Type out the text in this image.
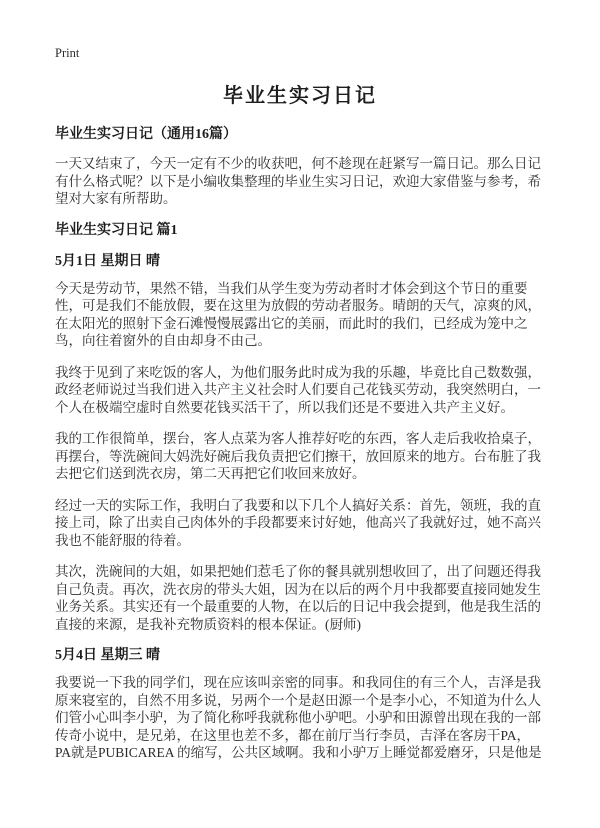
Print
毕业生实习日记
毕业生实习日记（通用16篇）

一天又结束了，今天一定有不少的收获吧，何不趁现在赶紧写一篇日记。那么日记有什么格式呢？以下是小编收集整理的毕业生实习日记，欢迎大家借鉴与参考，希望对大家有所帮助。

毕业生实习日记 篇1
5月1日 星期日 晴

今天是劳动节，果然不错，当我们从学生变为劳动者时才体会到这个节日的重要性，可是我们不能放假，要在这里为放假的劳动者服务。晴朗的天气，凉爽的风，在太阳光的照射下金石滩慢慢展露出它的美丽，而此时的我们，已经成为笼中之鸟，向往着窗外的自由却身不由己。

我终于见到了来吃饭的客人，为他们服务此时成为我的乐趣，毕竟比自己数数强，政经老师说过当我们进入共产主义社会时人们要自己花钱买劳动，我突然明白，一个人在极端空虚时自然要花钱买活干了，所以我们还是不要进入共产主义好。

我的工作很简单，摆台，客人点菜为客人推荐好吃的东西，客人走后我收拾桌子，再摆台，等洗碗间大妈洗好碗后我负责把它们擦干，放回原来的地方。台布脏了我去把它们送到洗衣房，第二天再把它们收回来放好。

经过一天的实际工作，我明白了我要和以下几个人搞好关系：首先，领班，我的直接上司，除了出卖自己肉体外的手段都要来讨好她，他高兴了我就好过，她不高兴我也不能舒服的待着。

其次，洗碗间的大姐，如果把她们惹毛了你的餐具就别想收回了，出了问题还得我自己负责。再次，洗衣房的带头大姐，因为在以后的两个月中我都要直接同她发生业务关系。其实还有一个最重要的人物，在以后的日记中我会提到，他是我生活的直接的来源，是我补充物质资料的根本保证。(厨师)

5月4日 星期三 晴

我要说一下我的同学们，现在应该叫亲密的同事。和我同住的有三个人，吉泽是我原来寝室的，自然不用多说，另两个一个是赵田源一个是李小心，不知道为什么人们管小心叫李小驴，为了简化称呼我就称他小驴吧。小驴和田源曾出现在我的一部传奇小说中，是兄弟，在这里也差不多，都在前厅当行李员，吉泽在客房干PA，PA就是PUBICAREA 的缩写，公共区域啊。我和小驴万上睡觉都爱磨牙，只是他是
